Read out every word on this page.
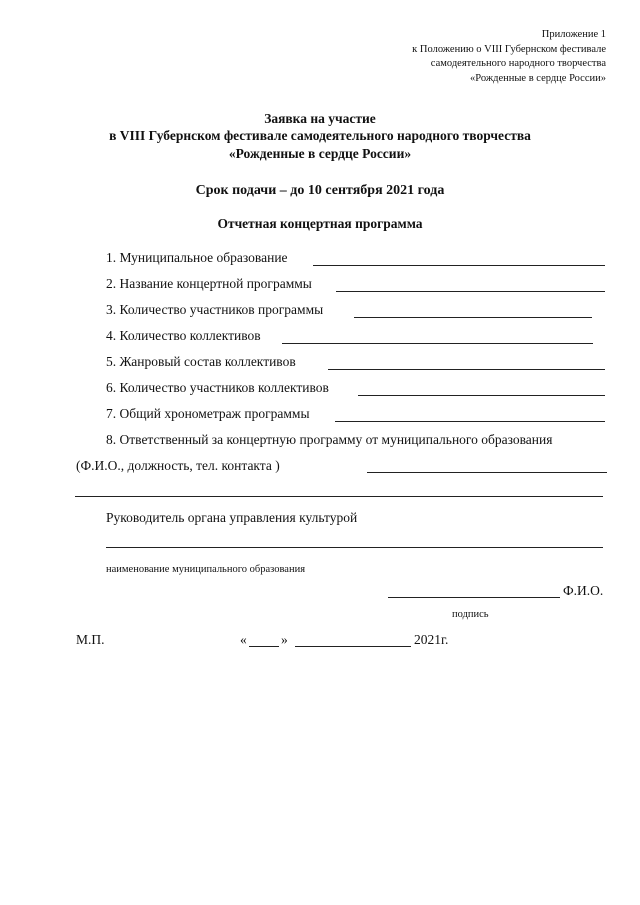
Приложение 1
к Положению о VIII Губернском фестивале
самодеятельного народного творчества
«Рожденные в сердце России»
Заявка на участие
в VIII Губернском фестивале самодеятельного народного творчества
«Рожденные в сердце России»
Срок подачи – до 10 сентября 2021 года
Отчетная концертная программа
1. Муниципальное образование
2. Название концертной программы
3. Количество участников программы
4. Количество коллективов
5. Жанровый состав коллективов
6. Количество участников коллективов
7. Общий хронометраж программы
8. Ответственный за концертную программу от муниципального образования
(Ф.И.О., должность, тел. контакта )
Руководитель органа управления культурой
наименование муниципального образования
Ф.И.О.
подпись
М.П.	«	»	2021г.
